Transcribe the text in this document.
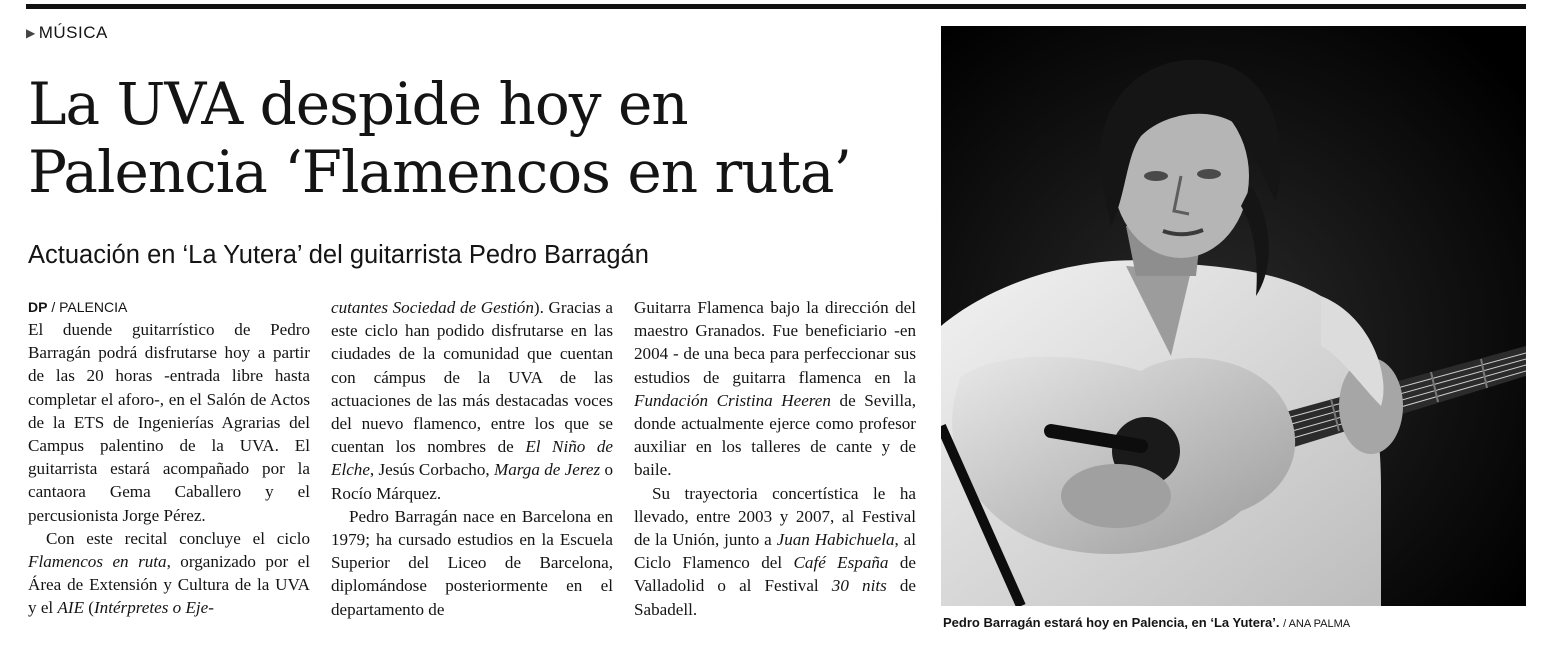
▶ MÚSICA
La UVA despide hoy en
Palencia ‘Flamencos en ruta’
Actuación en ‘La Yutera’ del guitarrista Pedro Barragán
DP / PALENCIA

El duende guitarrístico de Pedro Barragán podrá disfrutarse hoy a partir de las 20 horas -entrada libre hasta completar el aforo-, en el Salón de Actos de la ETS de Ingenierías Agrarias del Campus palentino de la UVA. El guitarrista estará acompañado por la cantaora Gema Caballero y el percusionista Jorge Pérez.

Con este recital concluye el ciclo Flamencos en ruta, organizado por el Área de Extensión y Cultura de la UVA y el AIE (Intérpretes o Eje-

cutantes Sociedad de Gestión). Gracias a este ciclo han podido disfrutarse en las ciudades de la comunidad que cuentan con cámpus de la UVA de las actuaciones de las más destacadas voces del nuevo flamenco, entre los que se cuentan los nombres de El Niño de Elche, Jesús Corbacho, Marga de Jerez o Rocío Márquez.

Pedro Barragán nace en Barcelona en 1979; ha cursado estudios en la Escuela Superior del Liceo de Barcelona, diplomándose posteriormente en el departamento de

Guitarra Flamenca bajo la dirección del maestro Granados. Fue beneficiario -en 2004 - de una beca para perfeccionar sus estudios de guitarra flamenca en la Fundación Cristina Heeren de Sevilla, donde actualmente ejerce como profesor auxiliar en los talleres de cante y de baile.

Su trayectoria concertística le ha llevado, entre 2003 y 2007, al Festival de la Unión, junto a Juan Habichuela, al Ciclo Flamenco del Café España de Valladolid o al Festival 30 nits de Sabadell.

Pedro Barragán estará hoy en Palencia, en ‘La Yutera’. / ANA PALMA
